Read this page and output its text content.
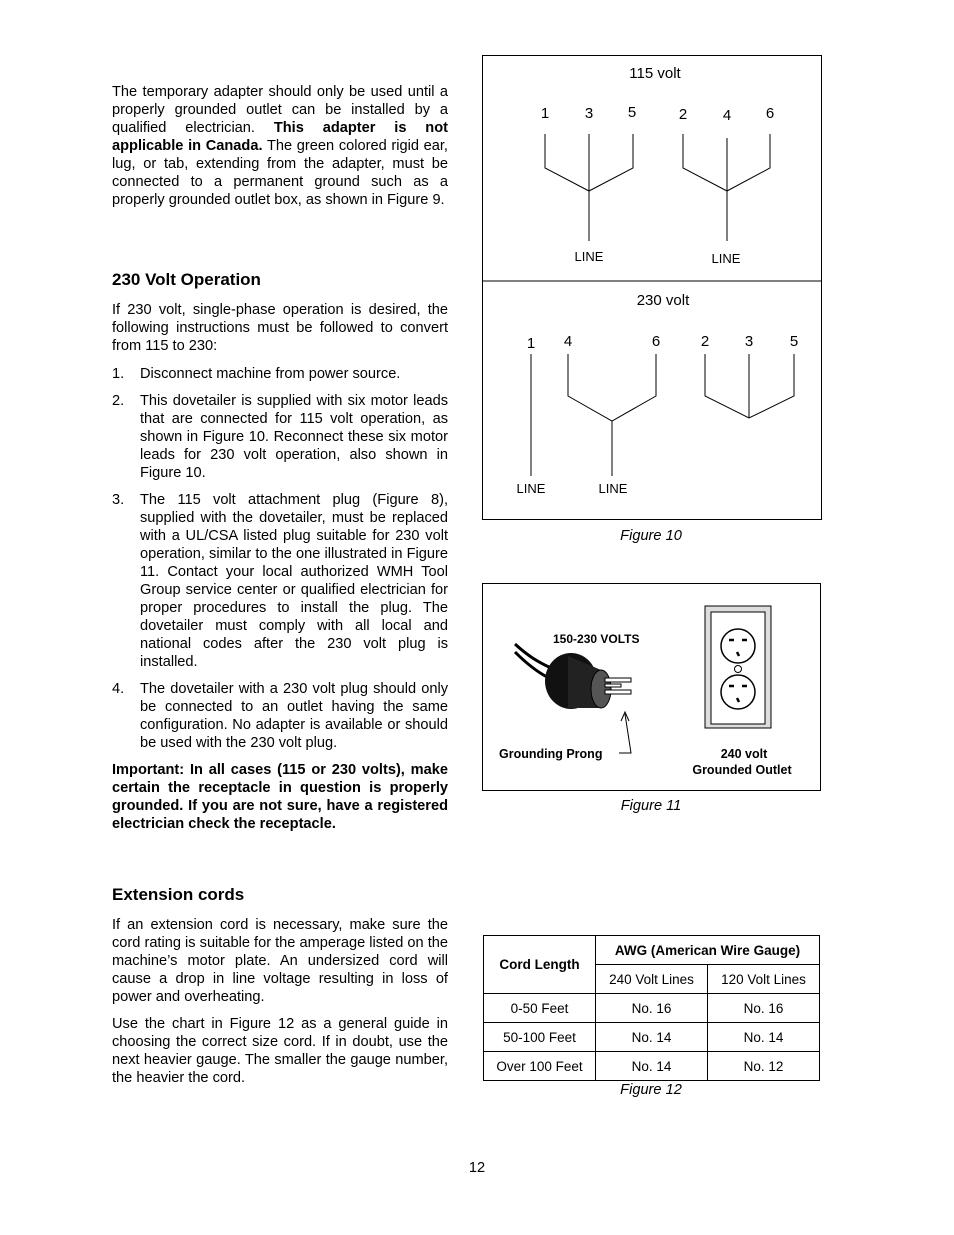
The temporary adapter should only be used until a properly grounded outlet can be installed by a qualified electrician. This adapter is not applicable in Canada. The green colored rigid ear, lug, or tab, extending from the adapter, must be connected to a permanent ground such as a properly grounded outlet box, as shown in Figure 9.

230 Volt Operation

If 230 volt, single-phase operation is desired, the following instructions must be followed to convert from 115 to 230:

1. Disconnect machine from power source.
2. This dovetailer is supplied with six motor leads that are connected for 115 volt operation, as shown in Figure 10. Reconnect these six motor leads for 230 volt operation, also shown in Figure 10.
3. The 115 volt attachment plug (Figure 8), supplied with the dovetailer, must be replaced with a UL/CSA listed plug suitable for 230 volt operation, similar to the one illustrated in Figure 11. Contact your local authorized WMH Tool Group service center or qualified electrician for proper procedures to install the plug. The dovetailer must comply with all local and national codes after the 230 volt plug is installed.
4. The dovetailer with a 230 volt plug should only be connected to an outlet having the same configuration. No adapter is available or should be used with the 230 volt plug.

Important: In all cases (115 or 230 volts), make certain the receptacle in question is properly grounded. If you are not sure, have a registered electrician check the receptacle.

Extension cords

If an extension cord is necessary, make sure the cord rating is suitable for the amperage listed on the machine’s motor plate. An undersized cord will cause a drop in line voltage resulting in loss of power and overheating.

Use the chart in Figure 12 as a general guide in choosing the correct size cord. If in doubt, use the next heavier gauge. The smaller the gauge number, the heavier the cord.

115 volt
1 3 5	2 4 6
LINE	LINE
230 volt
1 4	6	2 3 5
LINE	LINE
Figure 10
150-230 VOLTS
Grounding Prong	240 volt
Grounded Outlet
Figure 11
Cord Length	AWG (American Wire Gauge)	
	240 Volt Lines	120 Volt Lines
0-50 Feet	No. 16	No. 16
50-100 Feet	No. 14	No. 14
Over 100 Feet	No. 14	No. 12
Figure 12
12
